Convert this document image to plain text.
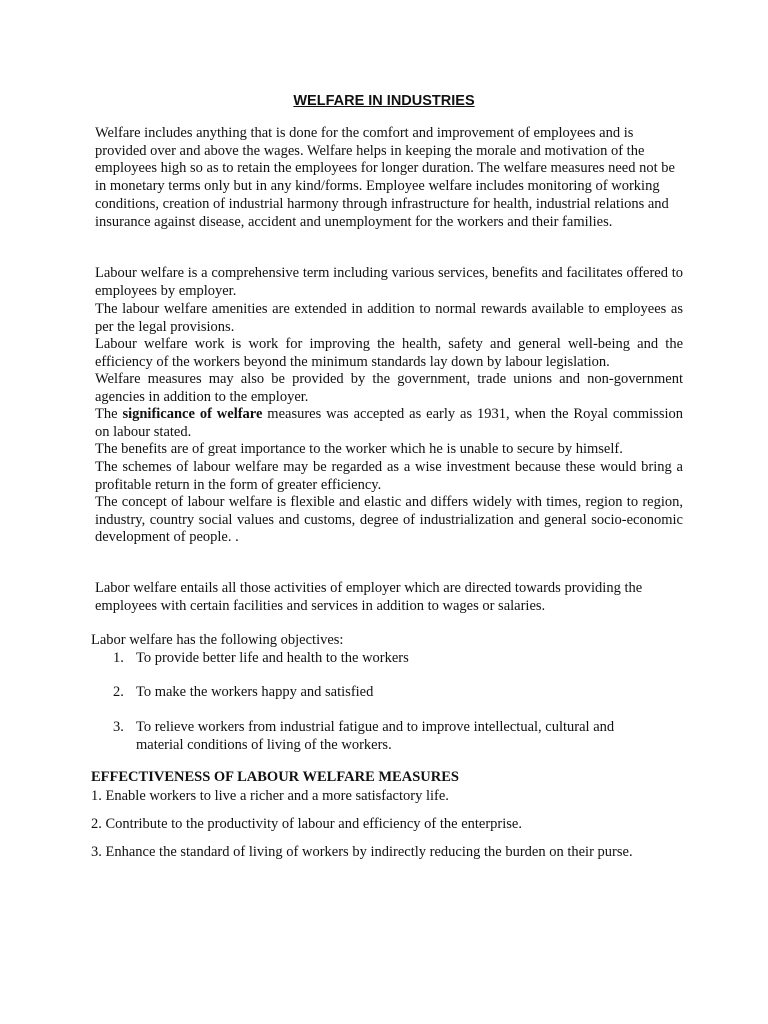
WELFARE IN INDUSTRIES

Welfare includes anything that is done for the comfort and improvement of employees and is provided over and above the wages. Welfare helps in keeping the morale and motivation of the employees high so as to retain the employees for longer duration. The welfare measures need not be in monetary terms only but in any kind/forms. Employee welfare includes monitoring of working conditions, creation of industrial harmony through infrastructure for health, industrial relations and insurance against disease, accident and unemployment for the workers and their families.

Labour welfare is a comprehensive term including various services, benefits and facilitates offered to employees by employer.

The labour welfare amenities are extended in addition to normal rewards available to employees as per the legal provisions.

Labour welfare work is work for improving the health, safety and general well-being and the efficiency of the workers beyond the minimum standards lay down by labour legislation.

Welfare measures may also be provided by the government, trade unions and non-government agencies in addition to the employer.

The significance of welfare measures was accepted as early as 1931, when the Royal commission on labour stated.

The benefits are of great importance to the worker which he is unable to secure by himself.

The schemes of labour welfare may be regarded as a wise investment because these would bring a profitable return in the form of greater efficiency.

The concept of labour welfare is flexible and elastic and differs widely with times, region to region, industry, country social values and customs, degree of industrialization and general socio-economic development of people. .

Labor welfare entails all those activities of employer which are directed towards providing the employees with certain facilities and services in addition to wages or salaries.

Labor welfare has the following objectives:

1. To provide better life and health to the workers
2. To make the workers happy and satisfied
3. To relieve workers from industrial fatigue and to improve intellectual, cultural and material conditions of living of the workers.
EFFECTIVENESS OF LABOUR WELFARE MEASURES

1. Enable workers to live a richer and a more satisfactory life.

2. Contribute to the productivity of labour and efficiency of the enterprise.

3. Enhance the standard of living of workers by indirectly reducing the burden on their purse.
